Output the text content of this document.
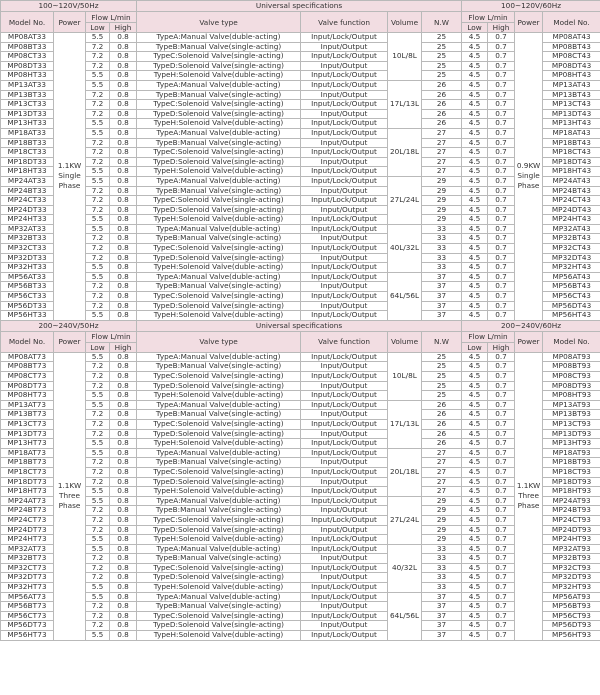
100~120V/50Hz				Universal specifications				100~120V/60Hz			
Model No.	Power	Flow L/min		Valve type	Valve function	Volume	N.W	Flow L/min		Power	Model No.
		Low	High					Low	High		
MP08AT33	1.1KW Single Phase	5.5	0.8	TypeA:Manual Valve(duble-acting)	Input/Lock/Output	10L/8L	25	4.5	0.7	0.9KW Single Phase	MP08AT43
MP08BT33		7.2	0.8	TypeB:Manual Valve(single-acting)	Input/Output		25	4.5	0.7		MP08BT43
MP08CT33		7.2	0.8	TypeC:Solenoid Valve(single-acting)	Input/Lock/Output		25	4.5	0.7		MP08CT43
MP08DT33		7.2	0.8	TypeD:Solenoid Valve(single-acting)	Input/Output		25	4.5	0.7		MP08DT43
MP08HT33		5.5	0.8	TypeH:Solenoid Valve(duble-acting)	Input/Lock/Output		25	4.5	0.7		MP08HT43
MP13AT33		5.5	0.8	TypeA:Manual Valve(duble-acting)	Input/Lock/Output	17L/13L	26	4.5	0.7		MP13AT43
MP13BT33		7.2	0.8	TypeB:Manual Valve(single-acting)	Input/Output		26	4.5	0.7		MP13BT43
MP13CT33		7.2	0.8	TypeC:Solenoid Valve(single-acting)	Input/Lock/Output		26	4.5	0.7		MP13CT43
MP13DT33		7.2	0.8	TypeD:Solenoid Valve(single-acting)	Input/Output		26	4.5	0.7		MP13DT43
MP13HT33		5.5	0.8	TypeH:Solenoid Valve(duble-acting)	Input/Lock/Output		26	4.5	0.7		MP13HT43
MP18AT33		5.5	0.8	TypeA:Manual Valve(duble-acting)	Input/Lock/Output	20L/18L	27	4.5	0.7		MP18AT43
MP18BT33		7.2	0.8	TypeB:Manual Valve(single-acting)	Input/Output		27	4.5	0.7		MP18BT43
MP18CT33		7.2	0.8	TypeC:Solenoid Valve(single-acting)	Input/Lock/Output		27	4.5	0.7		MP18CT43
MP18DT33		7.2	0.8	TypeD:Solenoid Valve(single-acting)	Input/Output		27	4.5	0.7		MP18DT43
MP18HT33		5.5	0.8	TypeH:Solenoid Valve(duble-acting)	Input/Lock/Output		27	4.5	0.7		MP18HT43
MP24AT33		5.5	0.8	TypeA:Manual Valve(duble-acting)	Input/Lock/Output	27L/24L	29	4.5	0.7		MP24AT43
MP24BT33		7.2	0.8	TypeB:Manual Valve(single-acting)	Input/Output		29	4.5	0.7		MP24BT43
MP24CT33		7.2	0.8	TypeC:Solenoid Valve(single-acting)	Input/Lock/Output		29	4.5	0.7		MP24CT43
MP24DT33		7.2	0.8	TypeD:Solenoid Valve(single-acting)	Input/Output		29	4.5	0.7		MP24DT43
MP24HT33		5.5	0.8	TypeH:Solenoid Valve(duble-acting)	Input/Lock/Output		29	4.5	0.7		MP24HT43
MP32AT33		5.5	0.8	TypeA:Manual Valve(duble-acting)	Input/Lock/Output	40L/32L	33	4.5	0.7		MP32AT43
MP32BT33		7.2	0.8	TypeB:Manual Valve(single-acting)	Input/Output		33	4.5	0.7		MP32BT43
MP32CT33		7.2	0.8	TypeC:Solenoid Valve(single-acting)	Input/Lock/Output		33	4.5	0.7		MP32CT43
MP32DT33		7.2	0.8	TypeD:Solenoid Valve(single-acting)	Input/Output		33	4.5	0.7		MP32DT43
MP32HT33		5.5	0.8	TypeH:Solenoid Valve(duble-acting)	Input/Lock/Output		33	4.5	0.7		MP32HT43
MP56AT33		5.5	0.8	TypeA:Manual Valve(duble-acting)	Input/Lock/Output	64L/56L	37	4.5	0.7		MP56AT43
MP56BT33		7.2	0.8	TypeB:Manual Valve(single-acting)	Input/Output		37	4.5	0.7		MP56BT43
MP56CT33		7.2	0.8	TypeC:Solenoid Valve(single-acting)	Input/Lock/Output		37	4.5	0.7		MP56CT43
MP56DT33		7.2	0.8	TypeD:Solenoid Valve(single-acting)	Input/Output		37	4.5	0.7		MP56DT43
MP56HT33		5.5	0.8	TypeH:Solenoid Valve(duble-acting)	Input/Lock/Output		37	4.5	0.7		MP56HT43
200~240V/50Hz				Universal specifications				200~240V/60Hz			
Model No.	Power	Flow L/min		Valve type	Valve function	Volume	N.W	Flow L/min		Power	Model No.
		Low	High					Low	High		
MP08AT73	1.1KW Three Phase	5.5	0.8	TypeA:Manual Valve(duble-acting)	Input/Lock/Output	10L/8L	25	4.5	0.7	1.1KW Three Phase	MP08AT93
MP08BT73		7.2	0.8	TypeB:Manual Valve(single-acting)	Input/Output		25	4.5	0.7		MP08BT93
MP08CT73		7.2	0.8	TypeC:Solenoid Valve(single-acting)	Input/Lock/Output		25	4.5	0.7		MP08CT93
MP08DT73		7.2	0.8	TypeD:Solenoid Valve(single-acting)	Input/Output		25	4.5	0.7		MP08DT93
MP08HT73		5.5	0.8	TypeH:Solenoid Valve(duble-acting)	Input/Lock/Output		25	4.5	0.7		MP08HT93
MP13AT73		5.5	0.8	TypeA:Manual Valve(duble-acting)	Input/Lock/Output	17L/13L	26	4.5	0.7		MP13AT93
MP13BT73		7.2	0.8	TypeB:Manual Valve(single-acting)	Input/Output		26	4.5	0.7		MP13BT93
MP13CT73		7.2	0.8	TypeC:Solenoid Valve(single-acting)	Input/Lock/Output		26	4.5	0.7		MP13CT93
MP13DT73		7.2	0.8	TypeD:Solenoid Valve(single-acting)	Input/Output		26	4.5	0.7		MP13DT93
MP13HT73		5.5	0.8	TypeH:Solenoid Valve(duble-acting)	Input/Lock/Output		26	4.5	0.7		MP13HT93
MP18AT73		5.5	0.8	TypeA:Manual Valve(duble-acting)	Input/Lock/Output	20L/18L	27	4.5	0.7		MP18AT93
MP18BT73		7.2	0.8	TypeB:Manual Valve(single-acting)	Input/Output		27	4.5	0.7		MP18BT93
MP18CT73		7.2	0.8	TypeC:Solenoid Valve(single-acting)	Input/Lock/Output		27	4.5	0.7		MP18CT93
MP18DT73		7.2	0.8	TypeD:Solenoid Valve(single-acting)	Input/Output		27	4.5	0.7		MP18DT93
MP18HT73		5.5	0.8	TypeH:Solenoid Valve(duble-acting)	Input/Lock/Output		27	4.5	0.7		MP18HT93
MP24AT73		5.5	0.8	TypeA:Manual Valve(duble-acting)	Input/Lock/Output	27L/24L	29	4.5	0.7		MP24AT93
MP24BT73		7.2	0.8	TypeB:Manual Valve(single-acting)	Input/Output		29	4.5	0.7		MP24BT93
MP24CT73		7.2	0.8	TypeC:Solenoid Valve(single-acting)	Input/Lock/Output		29	4.5	0.7		MP24CT93
MP24DT73		7.2	0.8	TypeD:Solenoid Valve(single-acting)	Input/Output		29	4.5	0.7		MP24DT93
MP24HT73		5.5	0.8	TypeH:Solenoid Valve(duble-acting)	Input/Lock/Output		29	4.5	0.7		MP24HT93
MP32AT73		5.5	0.8	TypeA:Manual Valve(duble-acting)	Input/Lock/Output	40/32L	33	4.5	0.7		MP32AT93
MP32BT73		7.2	0.8	TypeB:Manual Valve(single-acting)	Input/Output		33	4.5	0.7		MP32BT93
MP32CT73		7.2	0.8	TypeC:Solenoid Valve(single-acting)	Input/Lock/Output		33	4.5	0.7		MP32CT93
MP32DT73		7.2	0.8	TypeD:Solenoid Valve(single-acting)	Input/Output		33	4.5	0.7		MP32DT93
MP32HT73		5.5	0.8	TypeH:Solenoid Valve(duble-acting)	Input/Lock/Output		33	4.5	0.7		MP32HT93
MP56AT73		5.5	0.8	TypeA:Manual Valve(duble-acting)	Input/Lock/Output	64L/56L	37	4.5	0.7		MP56AT93
MP56BT73		7.2	0.8	TypeB:Manual Valve(single-acting)	Input/Output		37	4.5	0.7		MP56BT93
MP56CT73		7.2	0.8	TypeC:Solenoid Valve(single-acting)	Input/Lock/Output		37	4.5	0.7		MP56CT93
MP56DT73		7.2	0.8	TypeD:Solenoid Valve(single-acting)	Input/Output		37	4.5	0.7		MP56DT93
MP56HT73		5.5	0.8	TypeH:Solenoid Valve(duble-acting)	Input/Lock/Output		37	4.5	0.7		MP56HT93
